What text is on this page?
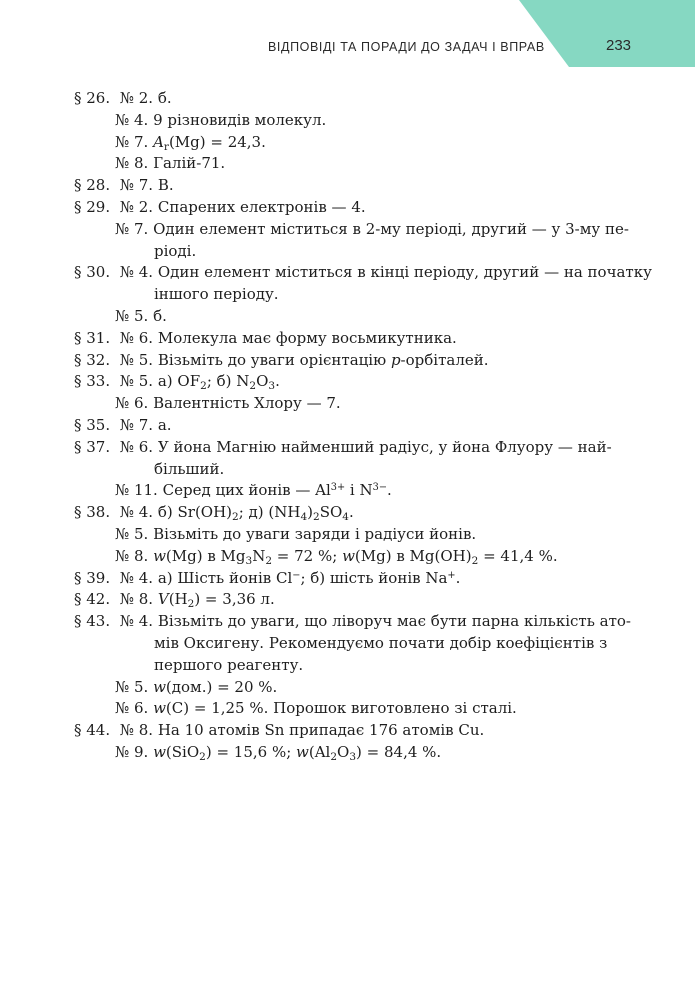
ВІДПОВІДІ ТА ПОРАДИ ДО ЗАДАЧ І ВПРАВ	233
§ 26. № 2. б.
№ 4. 9 різновидів молекул.
№ 7. $A_r(Mg) = 24,3$.
№ 8. Галій-71.
§ 28. № 7. В.
§ 29. № 2. Спарених електронів — 4.
№ 7. Один елемент міститься в 2-му періоді, другий — у 3-му пе-
ріоді.
§ 30. № 4. Один елемент міститься в кінці періоду, другий — на початку
іншого періоду.
№ 5. б.
§ 31. № 6. Молекула має форму восьмикутника.
§ 32. № 5. Візьміть до уваги орієнтацію p-орбіталей.
§ 33. № 5. а) $OF_2$; б) $N_2O_3$.
№ 6. Валентність Хлору — 7.
§ 35. № 7. а.
§ 37. № 6. У йона Магнію найменший радіус, у йона Флуору — най-
більший.
№ 11. Серед цих йонів — $Al^{3+}$ і $N^{3-}$.
§ 38. № 4. б) $Sr(OH)_2$; д) $(NH_4)_2SO_4$.
№ 5. Візьміть до уваги заряди і радіуси йонів.
№ 8. w(Mg) в $Mg_3N_2 = 72$ %; w(Mg) в $Mg(OH)_2 = 41,4$ %.
§ 39. № 4. а) Шість йонів Cl−; б) шість йонів Na+.
§ 42. № 8. $V(H_2) = 3,36$ л.
§ 43. № 4. Візьміть до уваги, що ліворуч має бути парна кількість ато-
мів Оксигену. Рекомендуємо почати добір коефіцієнтів з
першого реагенту.
№ 5. w(дом.) = 20 %.
№ 6. w(C) = 1,25 %. Порошок виготовлено зі сталі.
§ 44. № 8. На 10 атомів Sn припадає 176 атомів Cu.
№ 9. w(SiO$_2$) = 15,6 %; $w(Al_2O_3) = 84,4$ %.
